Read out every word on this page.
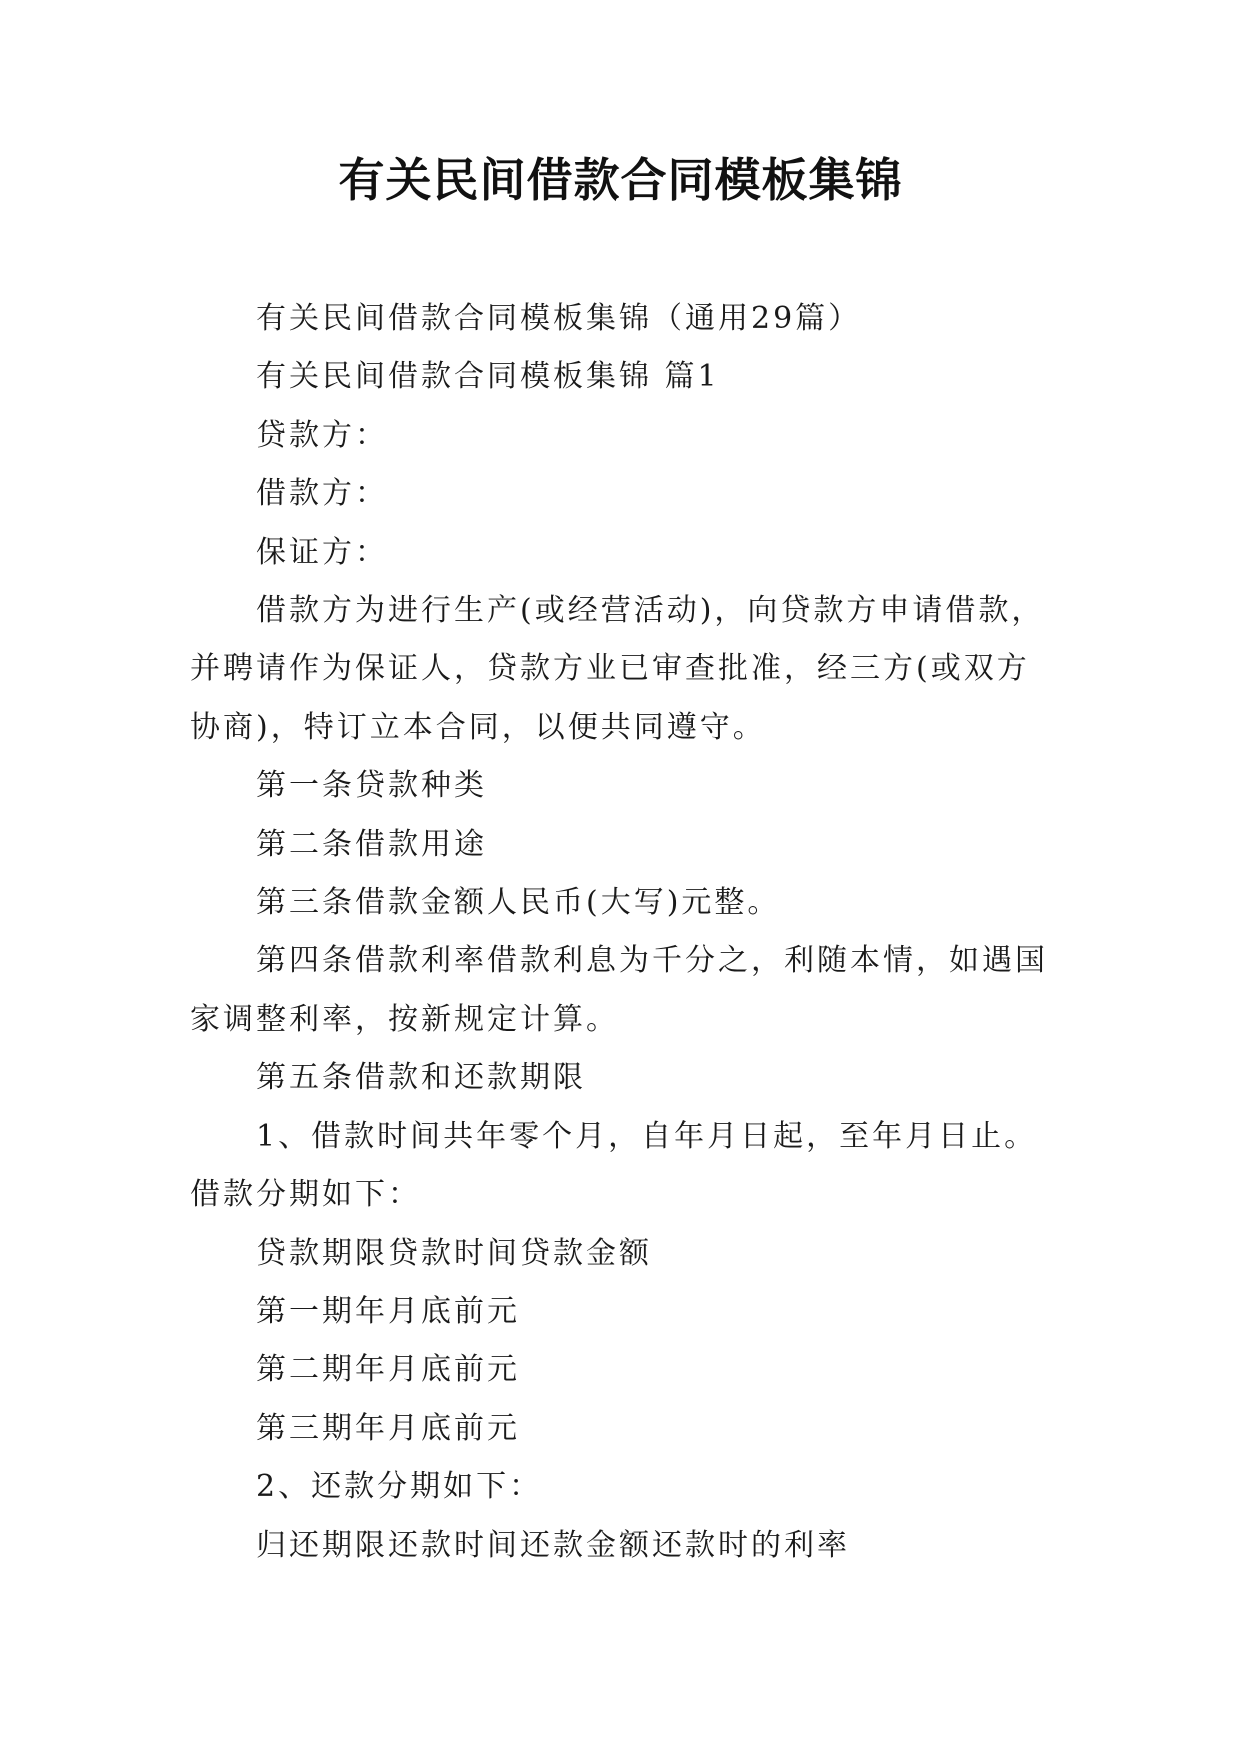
有关民间借款合同模板集锦

有关民间借款合同模板集锦（通用29篇）

有关民间借款合同模板集锦 篇1

贷款方：

借款方：

保证方：

借款方为进行生产(或经营活动)，向贷款方申请借款，并聘请作为保证人，贷款方业已审查批准，经三方(或双方协商)，特订立本合同，以便共同遵守。

第一条贷款种类

第二条借款用途

第三条借款金额人民币(大写)元整。

第四条借款利率借款利息为千分之，利随本情，如遇国家调整利率，按新规定计算。

第五条借款和还款期限

1、借款时间共年零个月，自年月日起，至年月日止。借款分期如下：

贷款期限贷款时间贷款金额

第一期年月底前元

第二期年月底前元

第三期年月底前元

2、还款分期如下：

归还期限还款时间还款金额还款时的利率
